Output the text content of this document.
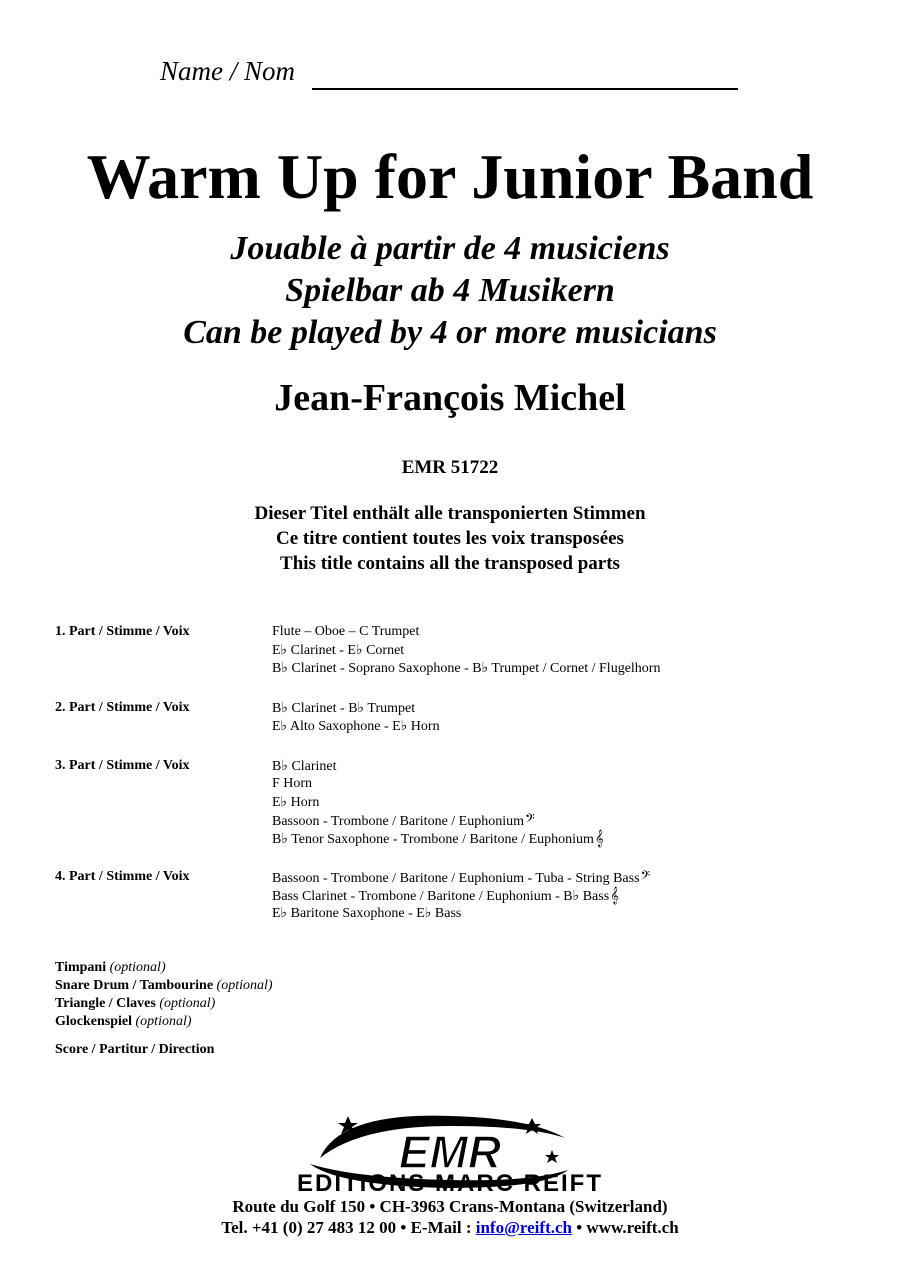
Name / Nom
Warm Up for Junior Band
Jouable à partir de 4 musiciens
Spielbar ab 4 Musikern
Can be played by 4 or more musicians
Jean-François Michel
EMR 51722
Dieser Titel enthält alle transponierten Stimmen
Ce titre contient toutes les voix transposées
This title contains all the transposed parts
1. Part / Stimme / Voix	Flute – Oboe – C Trumpet
E♭ Clarinet - E♭ Cornet
B♭ Clarinet - Soprano Saxophone - B♭ Trumpet / Cornet / Flugelhorn
2. Part / Stimme / Voix	B♭ Clarinet - B♭ Trumpet
E♭ Alto Saxophone - E♭ Horn
3. Part / Stimme / Voix	B♭ Clarinet
F Horn
E♭ Horn
Bassoon - Trombone / Baritone / Euphonium𝄢
B♭ Tenor Saxophone - Trombone / Baritone / Euphonium𝄞
4. Part / Stimme / Voix	Bassoon - Trombone / Baritone / Euphonium - Tuba - String Bass𝄢
Bass Clarinet - Trombone / Baritone / Euphonium - B♭ Bass𝄞
E♭ Baritone Saxophone - E♭ Bass
Timpani (optional)
Snare Drum / Tambourine (optional)
Triangle / Claves (optional)
Glockenspiel (optional)
Score / Partitur / Direction
EMR
EDITIONS MARC REIFT
Route du Golf 150 • CH-3963 Crans-Montana (Switzerland)
Tel. +41 (0) 27 483 12 00 • E-Mail : info@reift.ch • www.reift.ch
